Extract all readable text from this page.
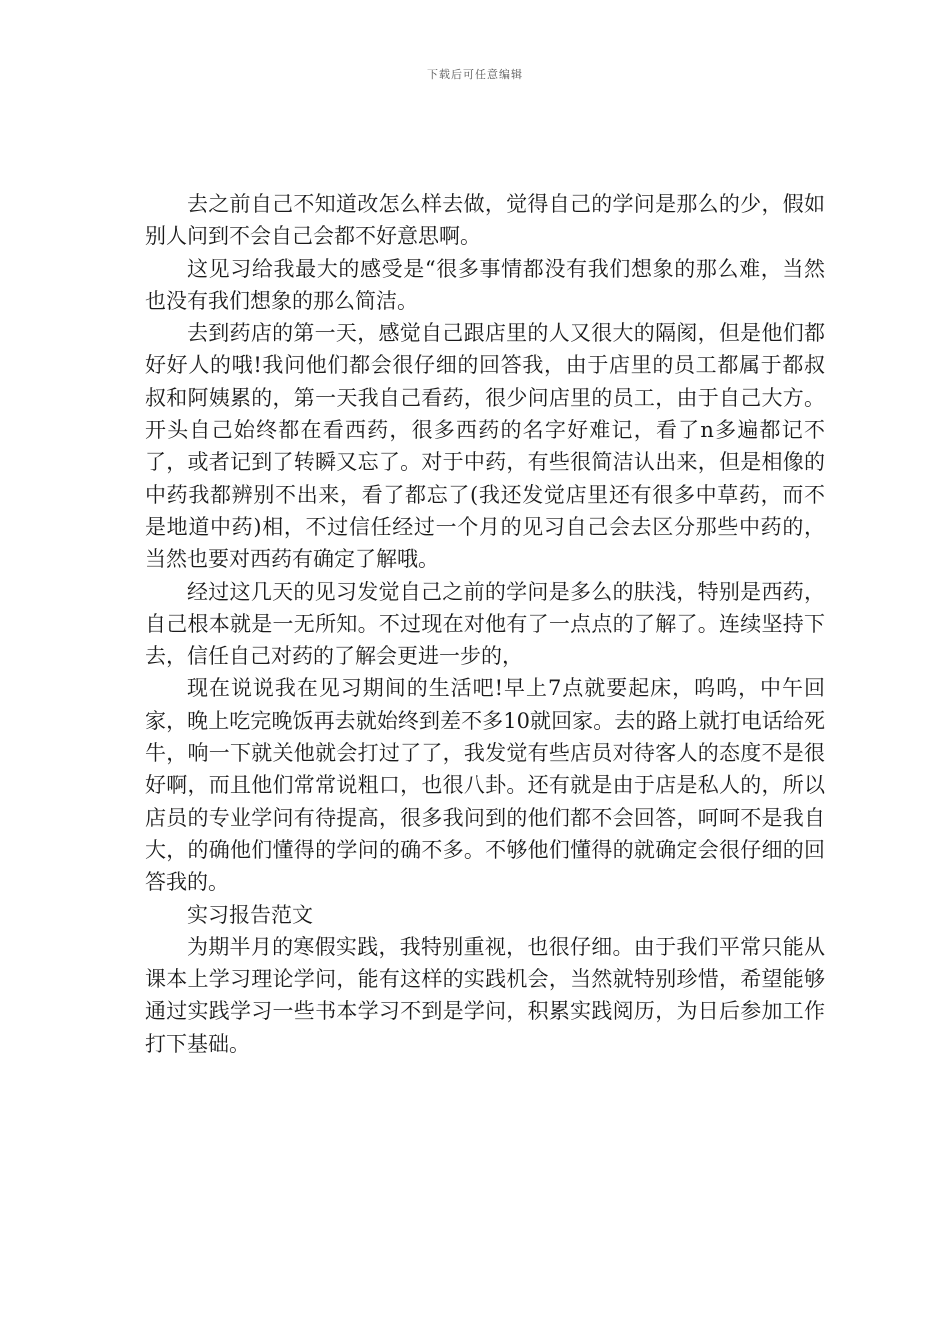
下载后可任意编辑

去之前自己不知道改怎么样去做，觉得自己的学问是那么的少，假如别人问到不会自己会都不好意思啊。

这见习给我最大的感受是“很多事情都没有我们想象的那么难，当然也没有我们想象的那么简洁。

去到药店的第一天，感觉自己跟店里的人又很大的隔阂，但是他们都好好人的哦!我问他们都会很仔细的回答我，由于店里的员工都属于都叔叔和阿姨累的，第一天我自己看药，很少问店里的员工，由于自己大方。开头自己始终都在看西药，很多西药的名字好难记，看了n多遍都记不了，或者记到了转瞬又忘了。对于中药，有些很简洁认出来，但是相像的中药我都辨别不出来，看了都忘了(我还发觉店里还有很多中草药，而不是地道中药)相，不过信任经过一个月的见习自己会去区分那些中药的，当然也要对西药有确定了解哦。

经过这几天的见习发觉自己之前的学问是多么的肤浅，特别是西药，自己根本就是一无所知。不过现在对他有了一点点的了解了。连续坚持下去，信任自己对药的了解会更进一步的，

现在说说我在见习期间的生活吧!早上7点就要起床，呜呜，中午回家，晚上吃完晚饭再去就始终到差不多10就回家。去的路上就打电话给死牛，响一下就关他就会打过了了，我发觉有些店员对待客人的态度不是很好啊，而且他们常常说粗口，也很八卦。还有就是由于店是私人的，所以店员的专业学问有待提高，很多我问到的他们都不会回答，呵呵不是我自大，的确他们懂得的学问的确不多。不够他们懂得的就确定会很仔细的回答我的。

实习报告范文

为期半月的寒假实践，我特别重视，也很仔细。由于我们平常只能从课本上学习理论学问，能有这样的实践机会，当然就特别珍惜，希望能够通过实践学习一些书本学习不到是学问，积累实践阅历，为日后参加工作打下基础。
